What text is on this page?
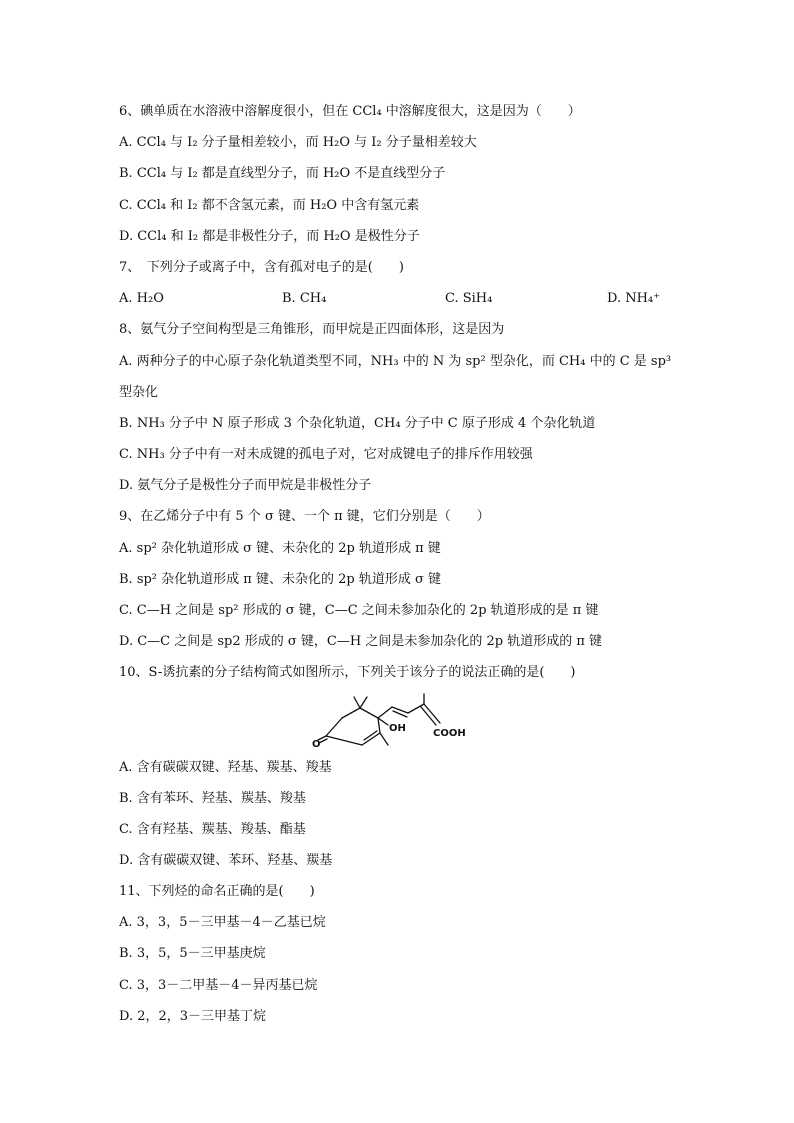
6、碘单质在水溶液中溶解度很小，但在 CCl₄ 中溶解度很大，这是因为（　　）
A. CCl₄ 与 I₂ 分子量相差较小，而 H₂O 与 I₂ 分子量相差较大
B. CCl₄ 与 I₂ 都是直线型分子，而 H₂O 不是直线型分子
C. CCl₄ 和 I₂ 都不含氢元素，而 H₂O 中含有氢元素
D. CCl₄ 和 I₂ 都是非极性分子，而 H₂O 是极性分子
7、　下列分子或离子中，含有孤对电子的是(　　)
A. H₂O	B. CH₄	C. SiH₄	D. NH₄⁺
8、氨气分子空间构型是三角锥形，而甲烷是正四面体形，这是因为
A. 两种分子的中心原子杂化轨道类型不同，NH₃ 中的 N 为 sp² 型杂化，而 CH₄ 中的 C 是 sp³
型杂化
B. NH₃ 分子中 N 原子形成 3 个杂化轨道，CH₄ 分子中 C 原子形成 4 个杂化轨道
C. NH₃ 分子中有一对未成键的孤电子对，它对成键电子的排斥作用较强
D. 氨气分子是极性分子而甲烷是非极性分子
9、在乙烯分子中有 5 个 σ 键、一个 π 键，它们分别是（　　）
A. sp² 杂化轨道形成 σ 键、未杂化的 2p 轨道形成 π 键
B. sp² 杂化轨道形成 π 键、未杂化的 2p 轨道形成 σ 键
C. C—H 之间是 sp² 形成的 σ 键，C—C 之间未参加杂化的 2p 轨道形成的是 π 键
D. C—C 之间是 sp2 形成的 σ 键，C—H 之间是未参加杂化的 2p 轨道形成的 π 键
10、S-诱抗素的分子结构简式如图所示，下列关于该分子的说法正确的是(　　)
O
OH	COOH
A. 含有碳碳双键、羟基、羰基、羧基
B. 含有苯环、羟基、羰基、羧基
C. 含有羟基、羰基、羧基、酯基
D. 含有碳碳双键、苯环、羟基、羰基
11、下列烃的命名正确的是(　　)
A. 3，3，5－三甲基－4－乙基已烷
B. 3，5，5－三甲基庚烷
C. 3，3－二甲基－4－异丙基已烷
D. 2，2，3－三甲基丁烷
